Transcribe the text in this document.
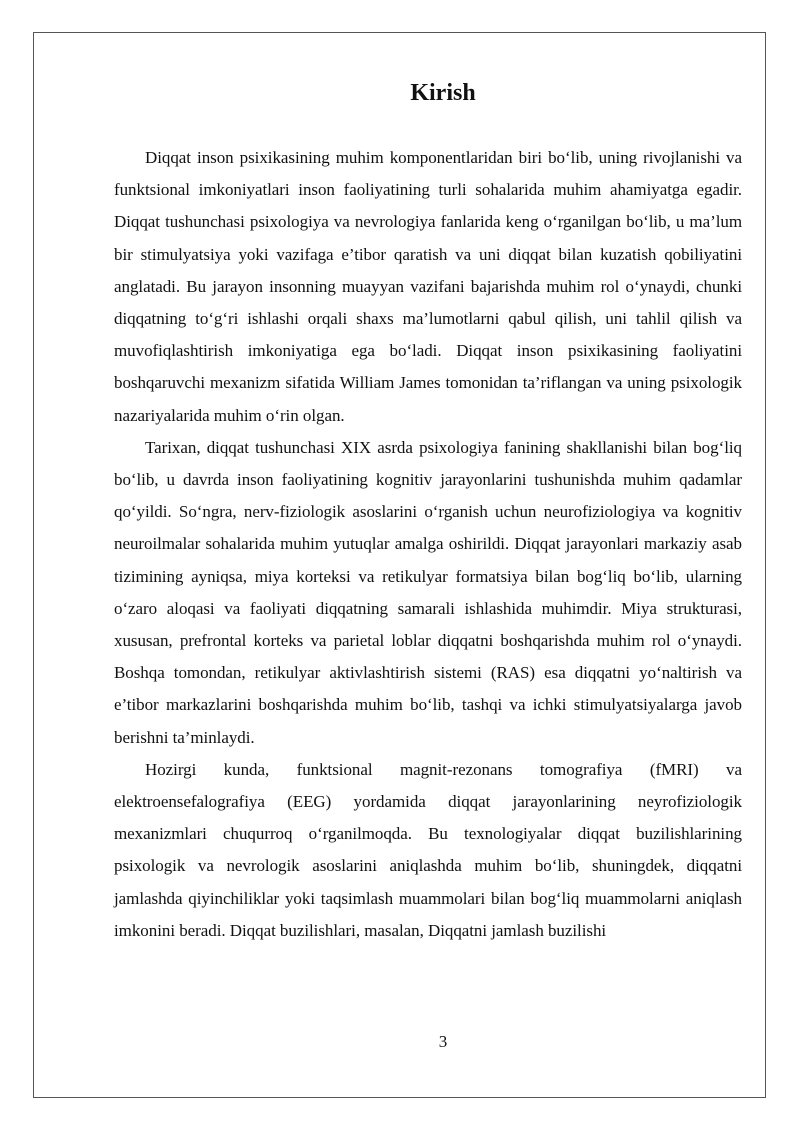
Kirish

Diqqat inson psixikasining muhim komponentlaridan biri bo‘lib, uning rivojlanishi va funktsional imkoniyatlari inson faoliyatining turli sohalarida muhim ahamiyatga egadir. Diqqat tushunchasi psixologiya va nevrologiya fanlarida keng o‘rganilgan bo‘lib, u ma’lum bir stimulyatsiya yoki vazifaga e’tibor qaratish va uni diqqat bilan kuzatish qobiliyatini anglatadi. Bu jarayon insonning muayyan vazifani bajarishda muhim rol o‘ynaydi, chunki diqqatning to‘g‘ri ishlashi orqali shaxs ma’lumotlarni qabul qilish, uni tahlil qilish va muvofiqlashtirish imkoniyatiga ega bo‘ladi. Diqqat inson psixikasining faoliyatini boshqaruvchi mexanizm sifatida William James tomonidan ta’riflangan va uning psixologik nazariyalarida muhim o‘rin olgan.

Tarixan, diqqat tushunchasi XIX asrda psixologiya fanining shakllanishi bilan bog‘liq bo‘lib, u davrda inson faoliyatining kognitiv jarayonlarini tushunishda muhim qadamlar qo‘yildi. So‘ngra, nerv-fiziologik asoslarini o‘rganish uchun neurofiziologiya va kognitiv neuroilmalar sohalarida muhim yutuqlar amalga oshirildi. Diqqat jarayonlari markaziy asab tizimining ayniqsa, miya korteksi va retikulyar formatsiya bilan bog‘liq bo‘lib, ularning o‘zaro aloqasi va faoliyati diqqatning samarali ishlashida muhimdir. Miya strukturasi, xususan, prefrontal korteks va parietal loblar diqqatni boshqarishda muhim rol o‘ynaydi. Boshqa tomondan, retikulyar aktivlashtirish sistemi (RAS) esa diqqatni yo‘naltirish va e’tibor markazlarini boshqarishda muhim bo‘lib, tashqi va ichki stimulyatsiyalarga javob berishni ta’minlaydi.

Hozirgi kunda, funktsional magnit-rezonans tomografiya (fMRI) va elektroensefalografiya (EEG) yordamida diqqat jarayonlarining neyrofiziologik mexanizmlari chuqurroq o‘rganilmoqda. Bu texnologiyalar diqqat buzilishlarining psixologik va nevrologik asoslarini aniqlashda muhim bo‘lib, shuningdek, diqqatni jamlashda qiyinchiliklar yoki taqsimlash muammolari bilan bog‘liq muammolarni aniqlash imkonini beradi. Diqqat buzilishlari, masalan, Diqqatni jamlash buzilishi

3
